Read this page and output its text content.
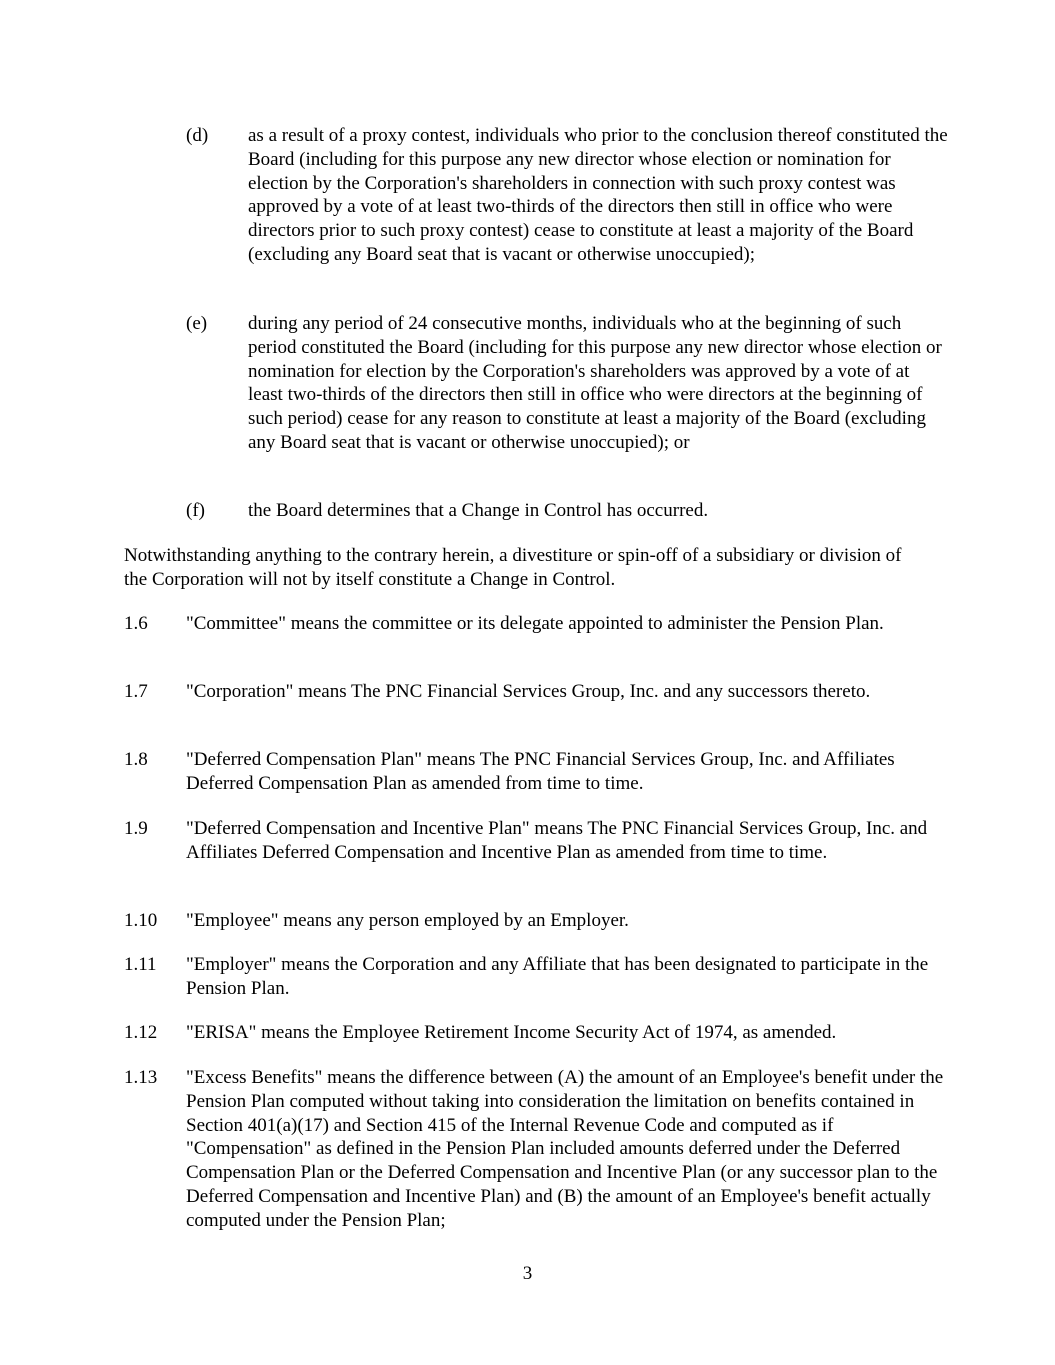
(d) as a result of a proxy contest, individuals who prior to the conclusion thereof constituted the Board (including for this purpose any new director whose election or nomination for election by the Corporation's shareholders in connection with such proxy contest was approved by a vote of at least two-thirds of the directors then still in office who were directors prior to such proxy contest) cease to constitute at least a majority of the Board (excluding any Board seat that is vacant or otherwise unoccupied);
(e) during any period of 24 consecutive months, individuals who at the beginning of such period constituted the Board (including for this purpose any new director whose election or nomination for election by the Corporation's shareholders was approved by a vote of at least two-thirds of the directors then still in office who were directors at the beginning of such period) cease for any reason to constitute at least a majority of the Board (excluding any Board seat that is vacant or otherwise unoccupied); or
(f) the Board determines that a Change in Control has occurred.
Notwithstanding anything to the contrary herein, a divestiture or spin-off of a subsidiary or division of the Corporation will not by itself constitute a Change in Control.
1.6 "Committee" means the committee or its delegate appointed to administer the Pension Plan.
1.7 "Corporation" means The PNC Financial Services Group, Inc. and any successors thereto.
1.8 "Deferred Compensation Plan" means The PNC Financial Services Group, Inc. and Affiliates Deferred Compensation Plan as amended from time to time.
1.9 "Deferred Compensation and Incentive Plan" means The PNC Financial Services Group, Inc. and Affiliates Deferred Compensation and Incentive Plan as amended from time to time.
1.10 "Employee" means any person employed by an Employer.
1.11 "Employer" means the Corporation and any Affiliate that has been designated to participate in the Pension Plan.
1.12 "ERISA" means the Employee Retirement Income Security Act of 1974, as amended.
1.13 "Excess Benefits" means the difference between (A) the amount of an Employee's benefit under the Pension Plan computed without taking into consideration the limitation on benefits contained in Section 401(a)(17) and Section 415 of the Internal Revenue Code and computed as if "Compensation" as defined in the Pension Plan included amounts deferred under the Deferred Compensation Plan or the Deferred Compensation and Incentive Plan (or any successor plan to the Deferred Compensation and Incentive Plan) and (B) the amount of an Employee's benefit actually computed under the Pension Plan;
3
